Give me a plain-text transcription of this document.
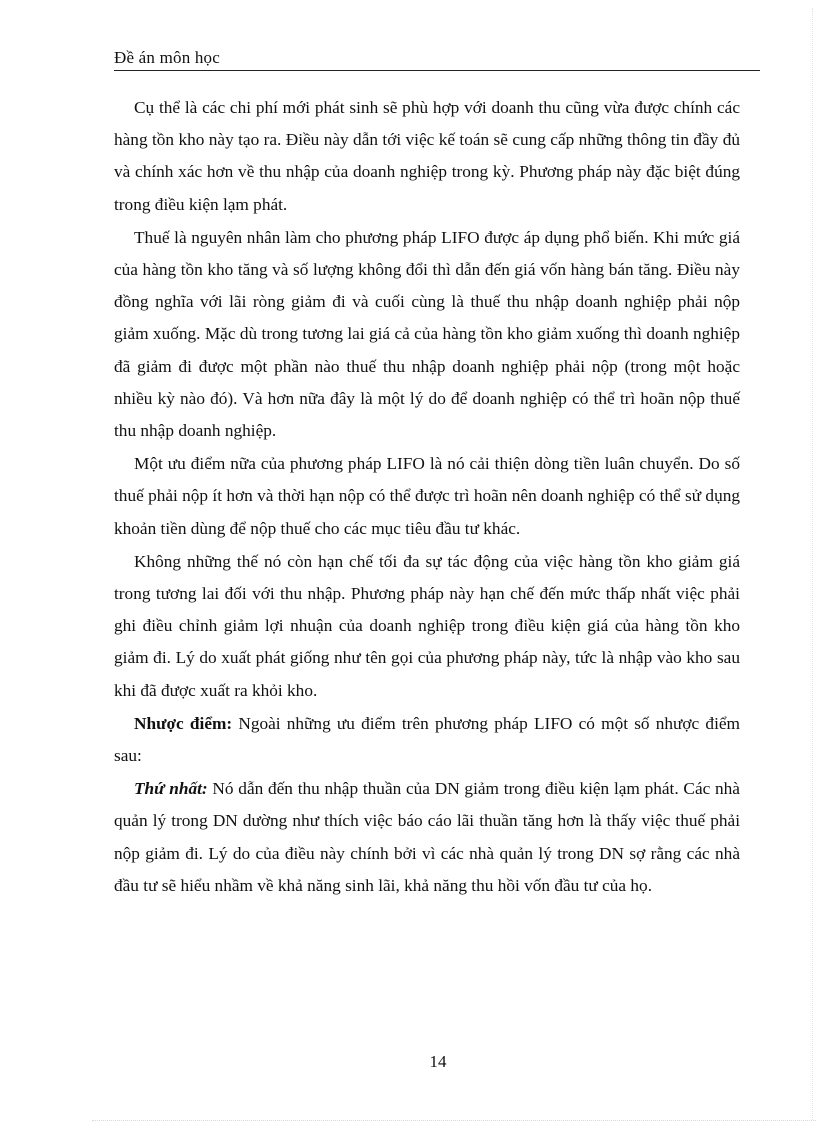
Đề án môn học

Cụ thể là các chi phí mới phát sinh sẽ phù hợp với doanh thu cũng vừa được chính các hàng tồn kho này tạo ra. Điều này dẫn tới việc kế toán sẽ cung cấp những thông tin đầy đủ và chính xác hơn về thu nhập của doanh nghiệp trong kỳ. Phương pháp này đặc biệt đúng trong điều kiện lạm phát.

Thuế là nguyên nhân làm cho phương pháp LIFO được áp dụng phổ biến. Khi mức giá của hàng tồn kho tăng và số lượng không đổi thì dẫn đến giá vốn hàng bán tăng. Điều này đồng nghĩa với lãi ròng giảm đi và cuối cùng là thuế thu nhập doanh nghiệp phải nộp giảm xuống. Mặc dù trong tương lai giá cả của hàng tồn kho giảm xuống thì doanh nghiệp đã giảm đi được một phần nào thuế thu nhập doanh nghiệp phải nộp (trong một hoặc nhiều kỳ nào đó). Và hơn nữa đây là một lý do để doanh nghiệp có thể trì hoãn nộp thuế thu nhập doanh nghiệp.

Một ưu điểm nữa của phương pháp LIFO là nó cải thiện dòng tiền luân chuyển. Do số thuế phải nộp ít hơn và thời hạn nộp có thể được trì hoãn nên doanh nghiệp có thể sử dụng khoản tiền dùng để nộp thuế cho các mục tiêu đầu tư khác.

Không những thế nó còn hạn chế tối đa sự tác động của việc hàng tồn kho giảm giá trong tương lai đối với thu nhập. Phương pháp này hạn chế đến mức thấp nhất việc phải ghi điều chỉnh giảm lợi nhuận của doanh nghiệp trong điều kiện giá của hàng tồn kho giảm đi. Lý do xuất phát giống như tên gọi của phương pháp này, tức là nhập vào kho sau khi đã được xuất ra khỏi kho.

Nhược điểm: Ngoài những ưu điểm trên phương pháp LIFO có một số nhược điểm sau:

Thứ nhất: Nó dẫn đến thu nhập thuần của DN giảm trong điều kiện lạm phát. Các nhà quản lý trong DN dường như thích việc báo cáo lãi thuần tăng hơn là thấy việc thuế phải nộp giảm đi. Lý do của điều này chính bởi vì các nhà quản lý trong DN sợ rằng các nhà đầu tư sẽ hiểu nhầm về khả năng sinh lãi, khả năng thu hồi vốn đầu tư của họ.

14
